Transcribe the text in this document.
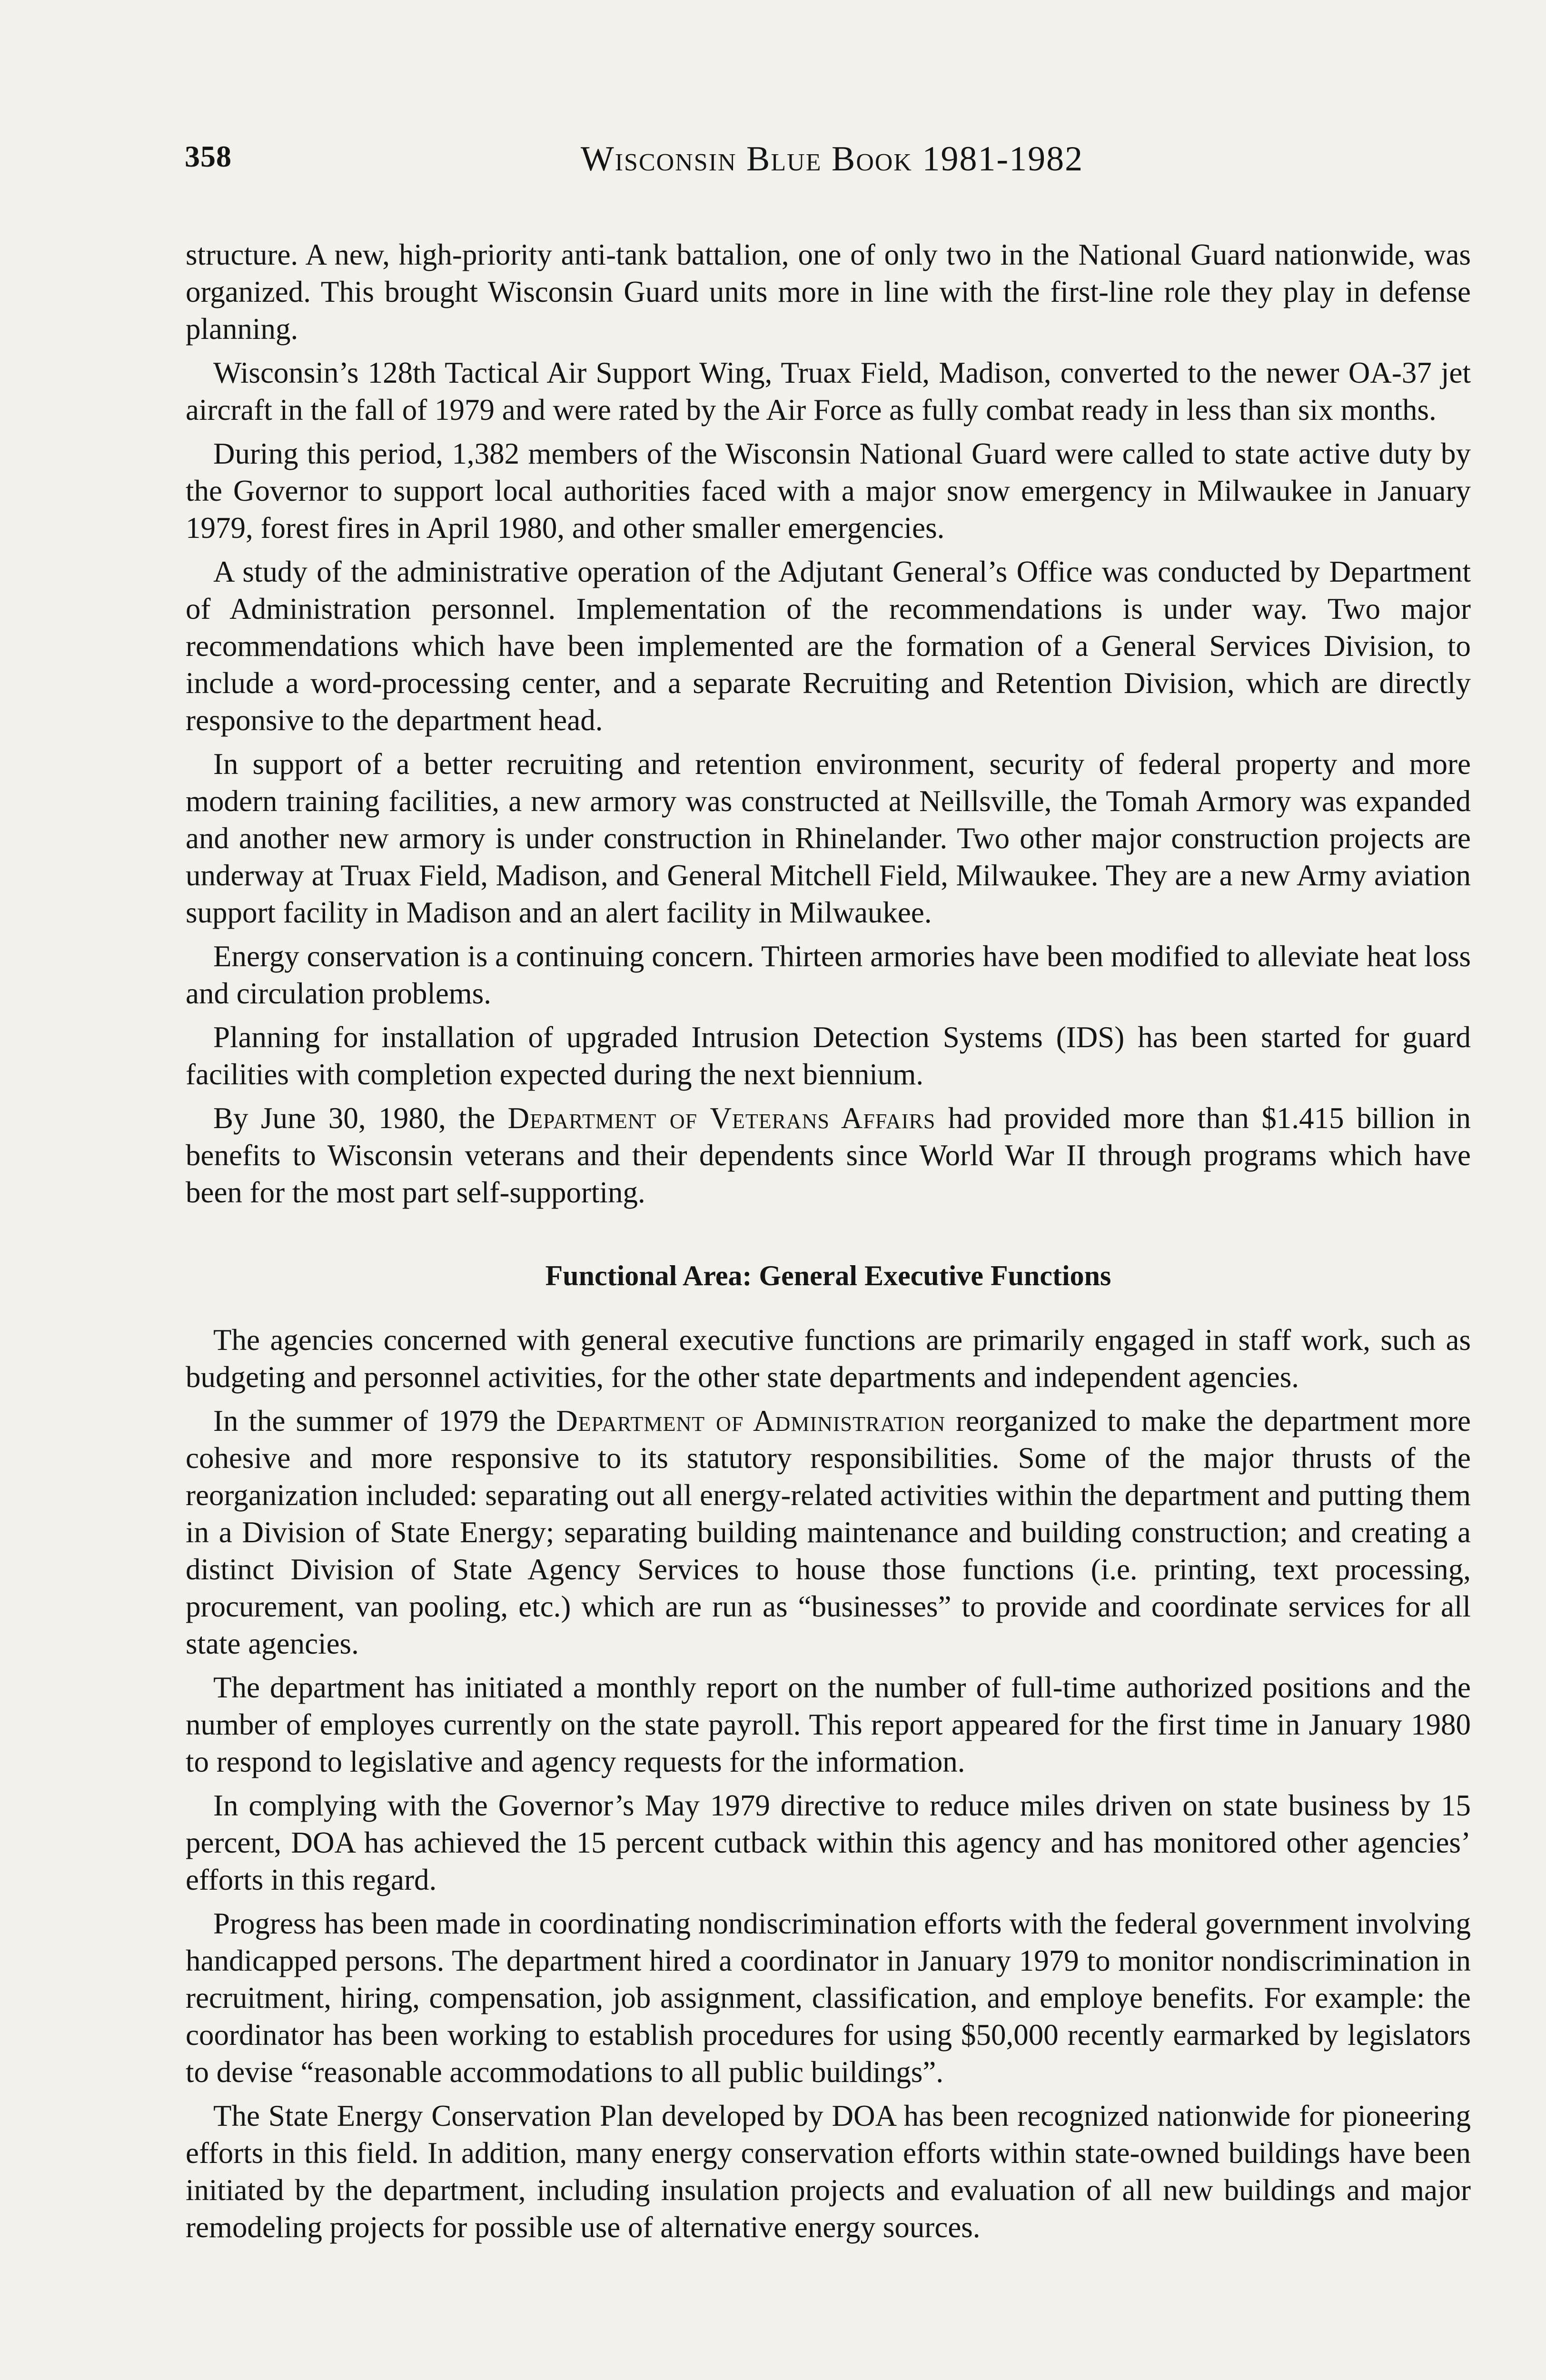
358	Wisconsin Blue Book 1981-1982

structure. A new, high-priority anti-tank battalion, one of only two in the National Guard nationwide, was organized. This brought Wisconsin Guard units more in line with the first-line role they play in defense planning.

Wisconsin’s 128th Tactical Air Support Wing, Truax Field, Madison, converted to the newer OA-37 jet aircraft in the fall of 1979 and were rated by the Air Force as fully combat ready in less than six months.

During this period, 1,382 members of the Wisconsin National Guard were called to state active duty by the Governor to support local authorities faced with a major snow emergency in Milwaukee in January 1979, forest fires in April 1980, and other smaller emergencies.

A study of the administrative operation of the Adjutant General’s Office was conducted by Department of Administration personnel. Implementation of the recommendations is under way. Two major recommendations which have been implemented are the formation of a General Services Division, to include a word-processing center, and a separate Recruiting and Retention Division, which are directly responsive to the department head.

In support of a better recruiting and retention environment, security of federal property and more modern training facilities, a new armory was constructed at Neillsville, the Tomah Armory was expanded and another new armory is under construction in Rhinelander. Two other major construction projects are underway at Truax Field, Madison, and General Mitchell Field, Milwaukee. They are a new Army aviation support facility in Madison and an alert facility in Milwaukee.

Energy conservation is a continuing concern. Thirteen armories have been modified to alleviate heat loss and circulation problems.

Planning for installation of upgraded Intrusion Detection Systems (IDS) has been started for guard facilities with completion expected during the next biennium.

By June 30, 1980, the Department of Veterans Affairs had provided more than $1.415 billion in benefits to Wisconsin veterans and their dependents since World War II through programs which have been for the most part self-supporting.

Functional Area: General Executive Functions

The agencies concerned with general executive functions are primarily engaged in staff work, such as budgeting and personnel activities, for the other state departments and independent agencies.

In the summer of 1979 the Department of Administration reorganized to make the department more cohesive and more responsive to its statutory responsibilities. Some of the major thrusts of the reorganization included: separating out all energy-related activities within the department and putting them in a Division of State Energy; separating building maintenance and building construction; and creating a distinct Division of State Agency Services to house those functions (i.e. printing, text processing, procurement, van pooling, etc.) which are run as “businesses” to provide and coordinate services for all state agencies.

The department has initiated a monthly report on the number of full-time authorized positions and the number of employes currently on the state payroll. This report appeared for the first time in January 1980 to respond to legislative and agency requests for the information.

In complying with the Governor’s May 1979 directive to reduce miles driven on state business by 15 percent, DOA has achieved the 15 percent cutback within this agency and has monitored other agencies’ efforts in this regard.

Progress has been made in coordinating nondiscrimination efforts with the federal government involving handicapped persons. The department hired a coordinator in January 1979 to monitor nondiscrimination in recruitment, hiring, compensation, job assignment, classification, and employe benefits. For example: the coordinator has been working to establish procedures for using $50,000 recently earmarked by legislators to devise “reasonable accommodations to all public buildings”.

The State Energy Conservation Plan developed by DOA has been recognized nationwide for pioneering efforts in this field. In addition, many energy conservation efforts within state-owned buildings have been initiated by the department, including insulation projects and evaluation of all new buildings and major remodeling projects for possible use of alternative energy sources.
